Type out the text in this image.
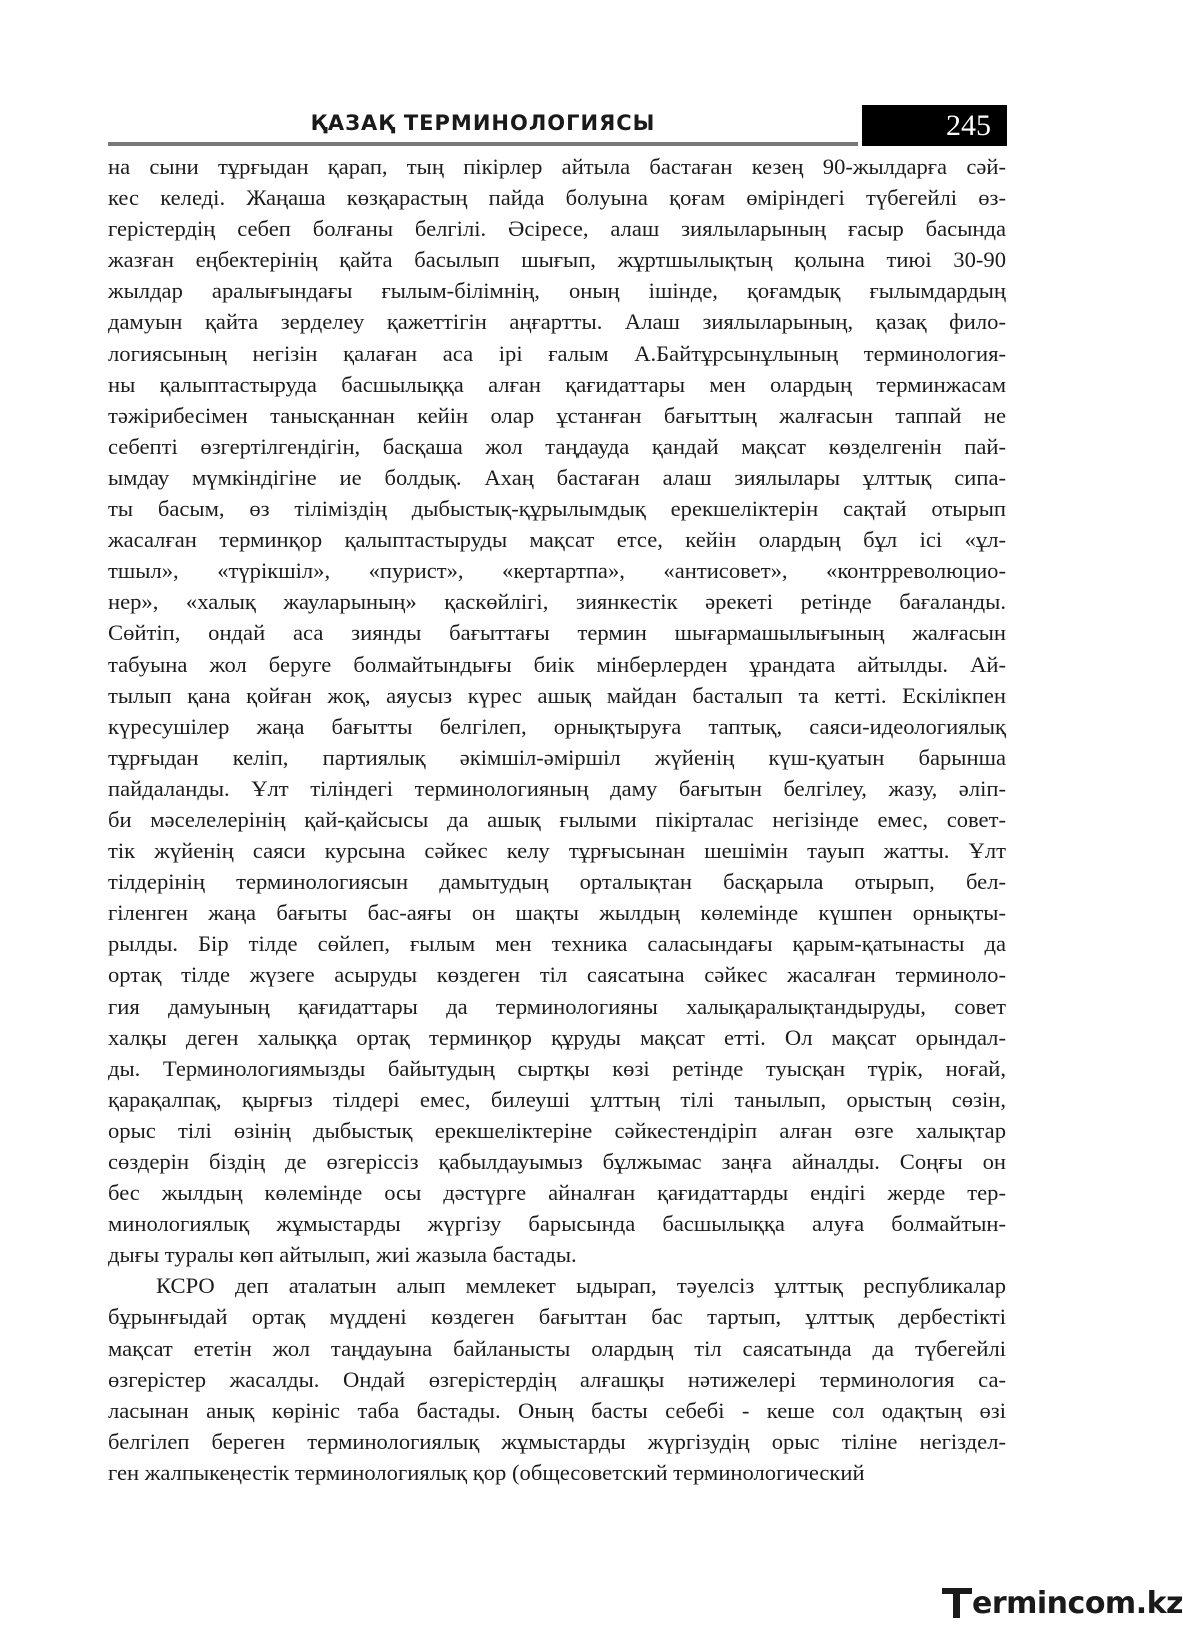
ҚАЗАҚ ТЕРМИНОЛОГИЯСЫ	245
на сыни тұрғыдан қарап, тың пікірлер айтыла бастаған кезең 90-жылдарға сәй-
кес келеді. Жаңаша көзқарастың пайда болуына қоғам өміріндегі түбегейлі өз-
герістердің себеп болғаны белгілі. Әсіресе, алаш зиялыларының ғасыр басында
жазған еңбектерінің қайта басылып шығып, жұртшылықтың қолына тиюі 30-90
жылдар аралығындағы ғылым-білімнің, оның ішінде, қоғамдық ғылымдардың
дамуын қайта зерделеу қажеттігін аңғартты. Алаш зиялыларының, қазақ фило-
логиясының негізін қалаған аса ірі ғалым А.Байтұрсынұлының терминология-
ны қалыптастыруда басшылыққа алған қағидаттары мен олардың терминжасам
тәжірибесімен танысқаннан кейін олар ұстанған бағыттың жалғасын таппай не
себепті өзгертілгендігін, басқаша жол таңдауда қандай мақсат көзделгенін пай-
ымдау мүмкіндігіне ие болдық. Ахаң бастаған алаш зиялылары ұлттық сипа-
ты басым, өз тіліміздің дыбыстық-құрылымдық ерекшеліктерін сақтай отырып
жасалған терминқор қалыптастыруды мақсат етсе, кейін олардың бұл ісі «ұл-
тшыл», «түрікшіл», «пурист», «кертартпа», «антисовет», «контрреволюцио-
нер», «халық жауларының» қаскөйлігі, зиянкестік әрекеті ретінде бағаланды.
Сөйтіп, ондай аса зиянды бағыттағы термин шығармашылығының жалғасын
табуына жол беруге болмайтындығы биік мінберлерден ұрандата айтылды. Ай-
тылып қана қойған жоқ, аяусыз күрес ашық майдан басталып та кетті. Ескілікпен
күресушілер жаңа бағытты белгілеп, орнықтыруға таптық, саяси-идеологиялық
тұрғыдан келіп, партиялық әкімшіл-әміршіл жүйенің күш-қуатын барынша
пайдаланды. Ұлт тіліндегі терминологияның даму бағытын белгілеу, жазу, әліп-
би мәселелерінің қай-қайсысы да ашық ғылыми пікірталас негізінде емес, совет-
тік жүйенің саяси курсына сәйкес келу тұрғысынан шешімін тауып жатты. Ұлт
тілдерінің терминологиясын дамытудың орталықтан басқарыла отырып, бел-
гіленген жаңа бағыты бас-аяғы он шақты жылдың көлемінде күшпен орнықты-
рылды. Бір тілде сөйлеп, ғылым мен техника саласындағы қарым-қатынасты да
ортақ тілде жүзеге асыруды көздеген тіл саясатына сәйкес жасалған терминоло-
гия дамуының қағидаттары да терминологияны халықаралықтандыруды, совет
халқы деген халыққа ортақ терминқор құруды мақсат етті. Ол мақсат орындал-
ды. Терминологиямызды байытудың сыртқы көзі ретінде туысқан түрік, ноғай,
қарақалпақ, қырғыз тілдері емес, билеуші ұлттың тілі танылып, орыстың сөзін,
орыс тілі өзінің дыбыстық ерекшеліктеріне сәйкестендіріп алған өзге халықтар
сөздерін біздің де өзгеріссіз қабылдауымыз бұлжымас заңға айналды. Соңғы он
бес жылдың көлемінде осы дәстүрге айналған қағидаттарды ендігі жерде тер-
минологиялық жұмыстарды жүргізу барысында басшылыққа алуға болмайтын-
дығы туралы көп айтылып, жиі жазыла бастады.
КСРО деп аталатын алып мемлекет ыдырап, тәуелсіз ұлттық республикалар
бұрынғыдай ортақ мүддені көздеген бағыттан бас тартып, ұлттық дербестікті
мақсат ететін жол таңдауына байланысты олардың тіл саясатында да түбегейлі
өзгерістер жасалды. Ондай өзгерістердің алғашқы нәтижелері терминология са-
ласынан анық көрініс таба бастады. Оның басты себебі - кеше сол одақтың өзі
белгілеп береген терминологиялық жұмыстарды жүргізудің орыс тіліне негіздел-
ген жалпыкеңестік терминологиялық қор (общесоветский терминологический
ermincom.kz
